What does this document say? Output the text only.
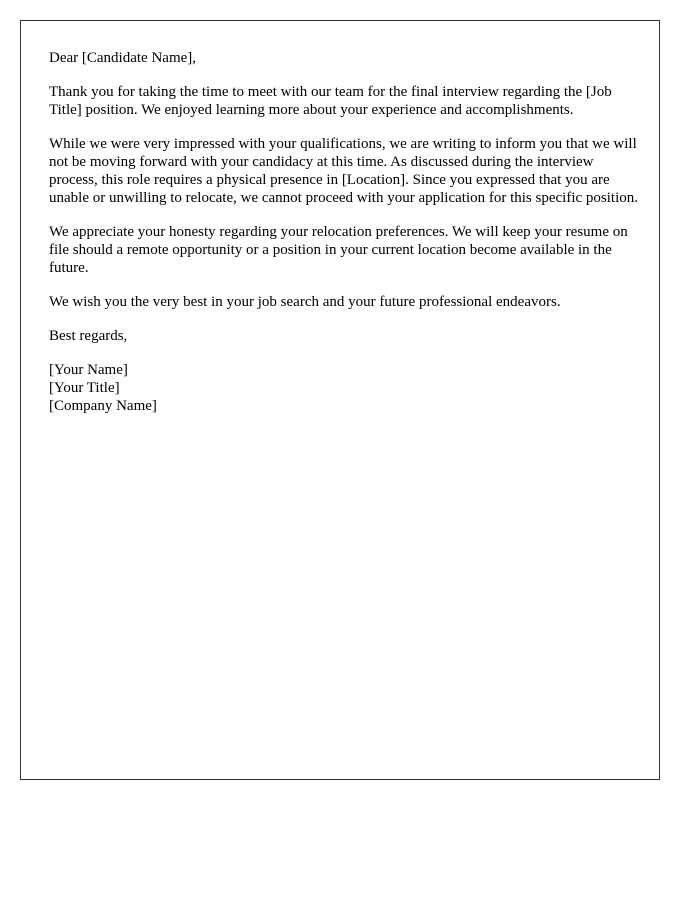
Dear [Candidate Name],

Thank you for taking the time to meet with our team for the final interview regarding the [Job Title] position. We enjoyed learning more about your experience and accomplishments.

While we were very impressed with your qualifications, we are writing to inform you that we will not be moving forward with your candidacy at this time. As discussed during the interview process, this role requires a physical presence in [Location]. Since you expressed that you are unable or unwilling to relocate, we cannot proceed with your application for this specific position.

We appreciate your honesty regarding your relocation preferences. We will keep your resume on file should a remote opportunity or a position in your current location become available in the future.

We wish you the very best in your job search and your future professional endeavors.

Best regards,

[Your Name]
[Your Title]
[Company Name]
